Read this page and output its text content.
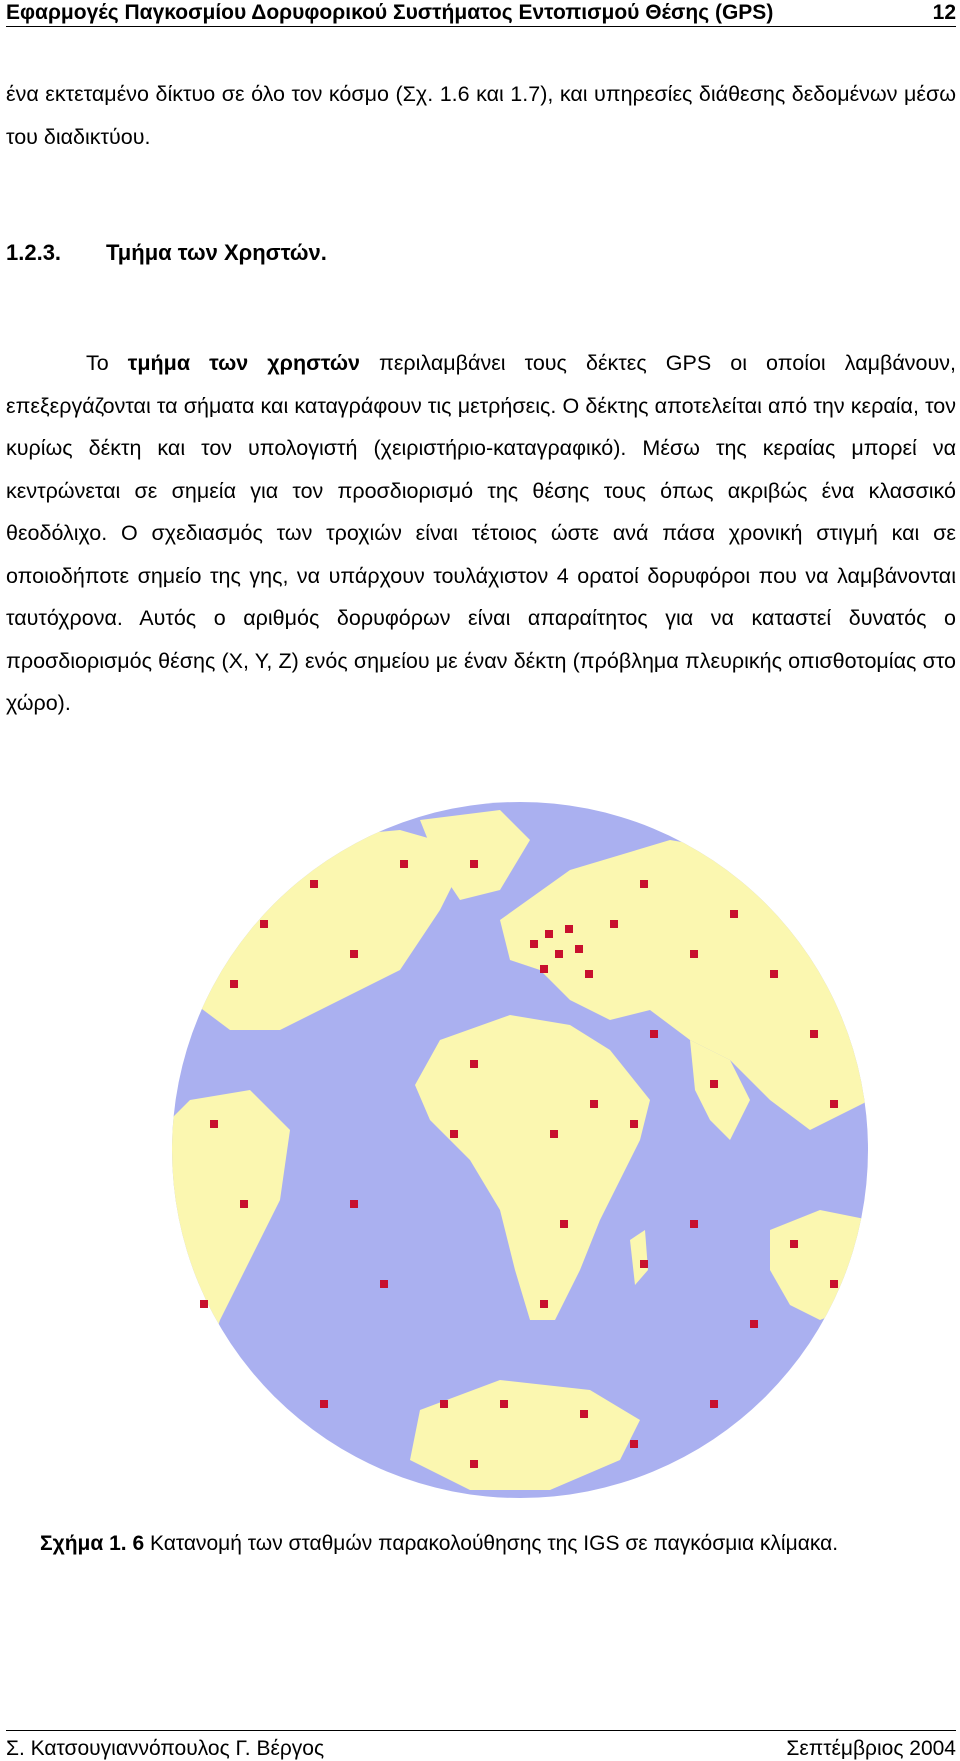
Εφαρμογές Παγκοσμίου Δορυφορικού Συστήματος Εντοπισμού Θέσης (GPS)	12
ένα εκτεταμένο δίκτυο σε όλο τον κόσμο (Σχ. 1.6 και 1.7), και υπηρεσίες διάθεσης δεδομένων μέσω του διαδικτύου.
1.2.3. Τμήμα των Χρηστών.
Το τμήμα των χρηστών περιλαμβάνει τους δέκτες GPS οι οποίοι λαμβάνουν, επεξεργάζονται τα σήματα και καταγράφουν τις μετρήσεις. Ο δέκτης αποτελείται από την κεραία, τον κυρίως δέκτη και τον υπολογιστή (χειριστήριο-καταγραφικό). Μέσω της κεραίας μπορεί να κεντρώνεται σε σημεία για τον προσδιορισμό της θέσης τους όπως ακριβώς ένα κλασσικό θεοδόλιχο. Ο σχεδιασμός των τροχιών είναι τέτοιος ώστε ανά πάσα χρονική στιγμή και σε οποιοδήποτε σημείο της γης, να υπάρχουν τουλάχιστον 4 ορατοί δορυφόροι που να λαμβάνονται ταυτόχρονα. Αυτός ο αριθμός δορυφόρων είναι απαραίτητος για να καταστεί δυνατός ο προσδιορισμός θέσης (X, Y, Z) ενός σημείου με έναν δέκτη (πρόβλημα πλευρικής οπισθοτομίας στο χώρο).
Σχήμα 1. 6 Κατανομή των σταθμών παρακολούθησης της IGS σε παγκόσμια κλίμακα.
Σ. Κατσουγιαννόπουλος Γ. Βέργος	Σεπτέμβριος 2004
